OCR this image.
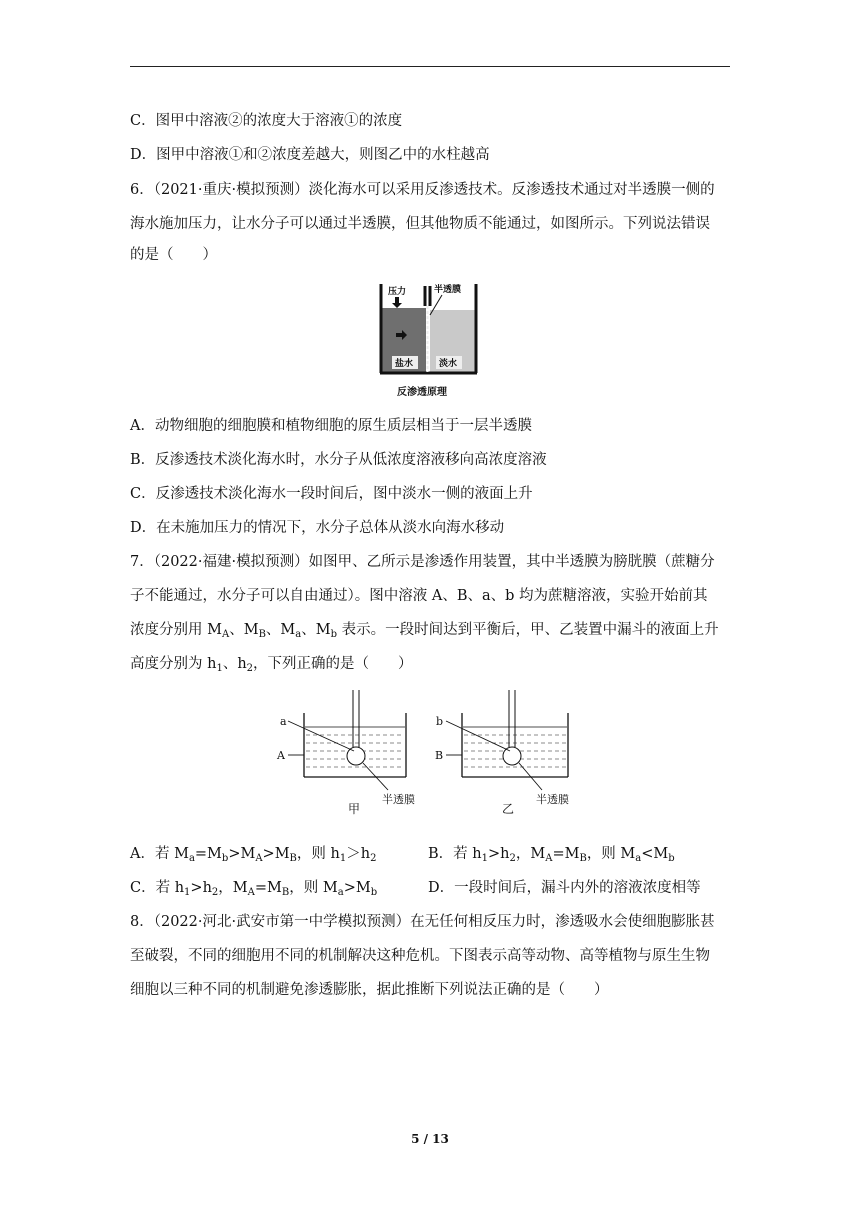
C．图甲中溶液②的浓度大于溶液①的浓度
D．图甲中溶液①和②浓度差越大，则图乙中的水柱越高
6．（2021·重庆·模拟预测）淡化海水可以采用反渗透技术。反渗透技术通过对半透膜一侧的
海水施加压力，让水分子可以通过半透膜，但其他物质不能通过，如图所示。下列说法错误
的是（　　）
压力	半透膜
盐水	淡水
反渗透原理
A．动物细胞的细胞膜和植物细胞的原生质层相当于一层半透膜
B．反渗透技术淡化海水时，水分子从低浓度溶液移向高浓度溶液
C．反渗透技术淡化海水一段时间后，图中淡水一侧的液面上升
D．在未施加压力的情况下，水分子总体从淡水向海水移动
7．（2022·福建·模拟预测）如图甲、乙所示是渗透作用装置，其中半透膜为膀胱膜（蔗糖分
子不能通过，水分子可以自由通过）。图中溶液 A、B、a、b 均为蔗糖溶液，实验开始前其
浓度分别用 $M_A$、$M_B$、$M_a$、$M_b$ 表示。一段时间达到平衡后，甲、乙装置中漏斗的液面上升
高度分别为 $h_1$、$h_2$，下列正确的是（　　）
a
A
半透膜
甲
b
B
半透膜
乙
A．若 $M_a=M_b>M_A>M_B$，则 $h_1>h_2$	B．若 $h_1>h_2$，$M_A=M_B$，则 $M_a<M_b$
C．若 $h_1>h_2$，$M_A=M_B$，则 $M_a>M_b$	D．一段时间后，漏斗内外的溶液浓度相等
8．（2022·河北·武安市第一中学模拟预测）在无任何相反压力时，渗透吸水会使细胞膨胀甚
至破裂，不同的细胞用不同的机制解决这种危机。下图表示高等动物、高等植物与原生生物
细胞以三种不同的机制避免渗透膨胀，据此推断下列说法正确的是（　　）
5 / 13
